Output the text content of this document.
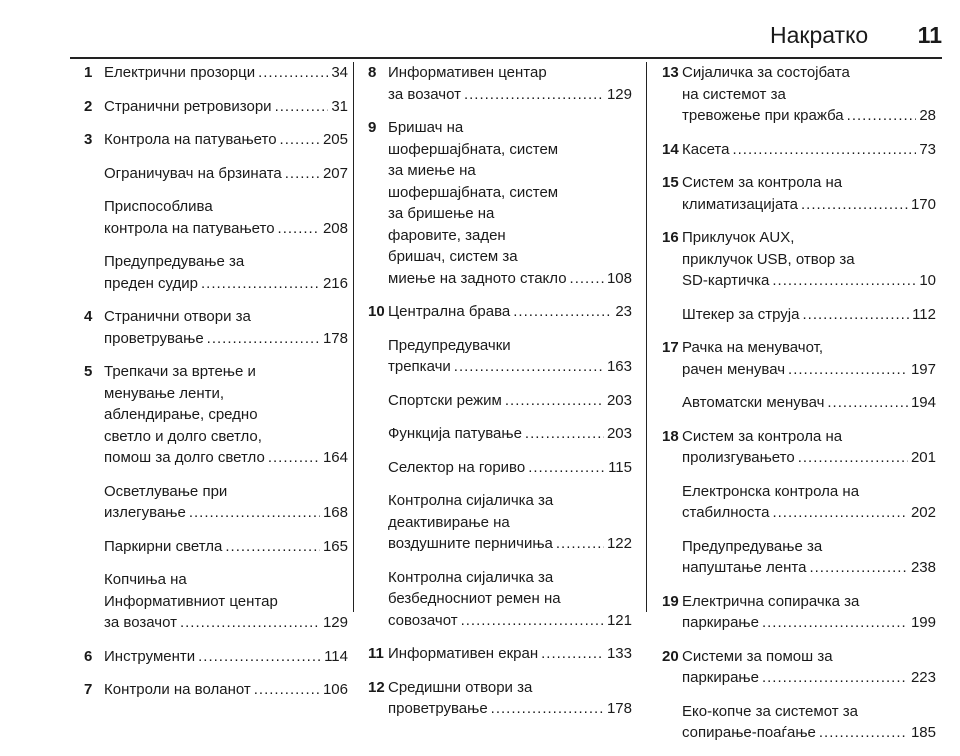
Накратко 11
1 Електрични прозорци .....	34
2 Странични ретровизори .....	31
3 Контрола на патувањето .....	205
Ограничувач на брзината .....	207
Приспособлива
контрола на патувањето .....	208
Предупредување за
преден судир .....	216
4 Странични отвори за
проветрување .....	178
5 Трепкачи за вртење и
менување ленти,
аблендирање, средно
светло и долго светло,
помош за долго светло .....	164
Осветлување при
излегување .....	168
Паркирни светла .....	165
Копчиња на
Информативниот центар
за возачот .....	129
6 Инструменти .....	114
7 Контроли на воланот .....	106
8 Информативен центар
за возачот .....	129
9 Бришач на
шофершајбната, систем
за миење на
шофершајбната, систем
за бришење на
фаровите, заден
бришач, систем за
миење на задното стакло .....	108
10 Централна брава .....	23
Предупредувачки
трепкачи .....	163
Спортски режим .....	203
Функција патување .....	203
Селектор на гориво .....	115
Контролна сијаличка за
деактивирање на
воздушните перничиња .....	122
Контролна сијаличка за
безбедносниот ремен на
совозачот .....	121
11 Информативен екран .....	133
12 Средишни отвори за
проветрување .....	178
13 Сијаличка за состојбата
на системот за
тревожење при кражба .....	28
14 Касета .....	73
15 Систем за контрола на
климатизацијата .....	170
16 Приклучок AUX,
приклучок USB, отвор за
SD-картичка .....	10
Штекер за струја .....	112
17 Рачка на менувачот,
рачен менувач .....	197
Автоматски менувач .....	194
18 Систем за контрола на
пролизгувањето .....	201
Електронска контрола на
стабилноста .....	202
Предупредување за
напуштање лента .....	238
19 Електрична сопирачка за
паркирање .....	199
20 Системи за помош за
паркирање .....	223
Еко-копче за системот за
сопирање-поаѓање .....	185
